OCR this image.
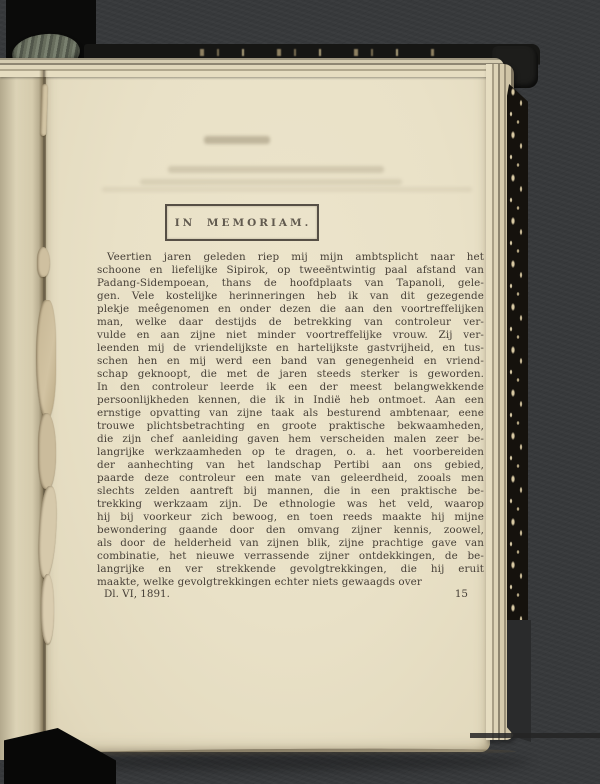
IN MEMORIAM.
Veertien jaren geleden riep mij mijn ambtsplicht naar het
schoone en liefelijke Sipirok, op tweeëntwintig paal afstand van
Padang-Sidempoean, thans de hoofdplaats van Tapanoli, gele-
gen. Vele kostelijke herinneringen heb ik van dit gezegende
plekje meêgenomen en onder dezen die aan den voortreffelijken
man, welke daar destijds de betrekking van controleur ver-
vulde en aan zijne niet minder voortreffelijke vrouw. Zij ver-
leenden mij de vriendelijkste en hartelijkste gastvrijheid, en tus-
schen hen en mij werd een band van genegenheid en vriend-
schap geknoopt, die met de jaren steeds sterker is geworden.
In den controleur leerde ik een der meest belangwekkende
persoonlijkheden kennen, die ik in Indië heb ontmoet. Aan een
ernstige opvatting van zijne taak als besturend ambtenaar, eene
trouwe plichtsbetrachting en groote praktische bekwaamheden,
die zijn chef aanleiding gaven hem verscheiden malen zeer be-
langrijke werkzaamheden op te dragen, o. a. het voorbereiden
der aanhechting van het landschap Pertibi aan ons gebied,
paarde deze controleur een mate van geleerdheid, zooals men
slechts zelden aantreft bij mannen, die in een praktische be-
trekking werkzaam zijn. De ethnologie was het veld, waarop
hij bij voorkeur zich bewoog, en toen reeds maakte hij mijne
bewondering gaande door den omvang zijner kennis, zoowel,
als door de helderheid van zijnen blik, zijne prachtige gave van
combinatie, het nieuwe verrassende zijner ontdekkingen, de be-
langrijke en ver strekkende gevolgtrekkingen, die hij eruit
maakte, welke gevolgtrekkingen echter niets gewaagds over
Dl. VI, 1891.	15
